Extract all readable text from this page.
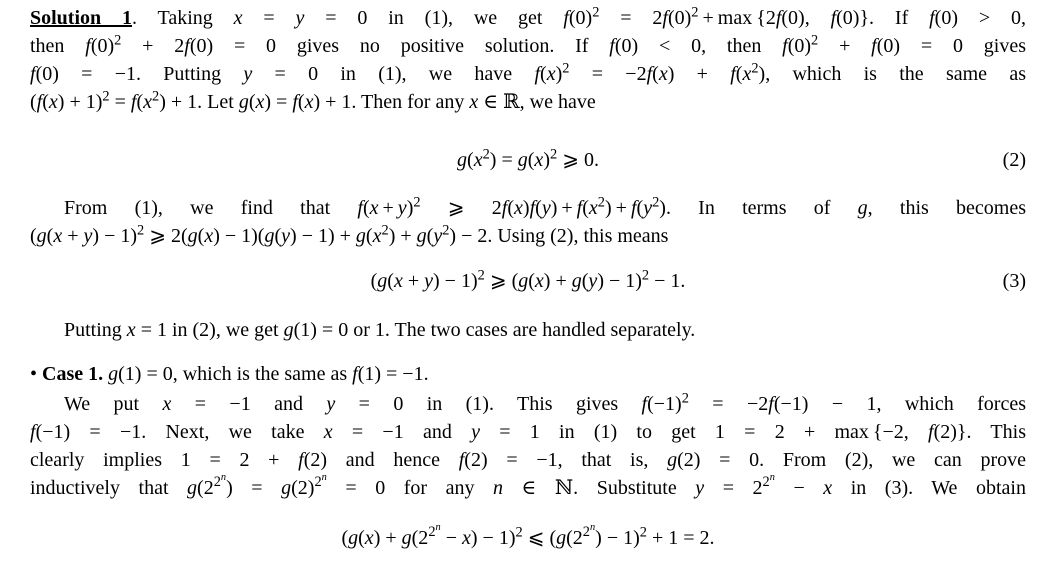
Solution 1. Taking x = y = 0 in (1), we get $f(0)^2 = 2f(0)^2 + \max \{2f(0)$, f(0)}. If f(0) > 0,
then $f(0)^2 + 2f(0) = 0$ gives no positive solution. If f(0) < 0, then $f(0)^2 + f(0) = 0$ gives
f(0) = −1. Putting y = 0 in (1), we have $f(x)^2 = -2f(x) + f(x^2)$, which is the same as
$(f(x) + 1)^2 = f(x^2) + 1$. Let g(x) = f(x) + 1. Then for any x ∈ ℝ, we have
$g(x^2) = g(x)^2$ ⩾ 0.	(2)
From (1), we find that $f(x + y)^2$ ⩾ $2f(x)f(y) + f(x^2) + f(y^2)$. In terms of g, this becomes
$(g(x + y) - 1)^2$ ⩾ $2(g(x) - 1)(g(y) - 1) + g(x^2) + g(y^2) - 2$. Using (2), this means
$(g(x + y) - 1)^2$ ⩾ $(g(x) + g(y) - 1)^2 - 1$.	(3)
Putting x = 1 in (2), we get g(1) = 0 or 1. The two cases are handled separately.
• Case 1. g(1) = 0, which is the same as f(1) = −1.
We put x = −1 and y = 0 in (1). This gives $f(-1)^2 = -2f(-1) - 1$, which forces
f(−1) = −1. Next, we take x = −1 and y = 1 in (1) to get 1 = 2 + max {−2, f(2)}. This
clearly implies 1 = 2 + f(2) and hence f(2) = −1, that is, g(2) = 0. From (2), we can prove
inductively that $g(2^{2^n}) = g(2)^{2^n} = 0$ for any n ∈ ℕ. Substitute $y = 2^{2^n} - x$ in (3). We obtain
$(g(x) + g(2^{2^n} - x) - 1)^2$ ⩽ $(g(2^{2^n}) - 1)^2 + 1 = 2$.
